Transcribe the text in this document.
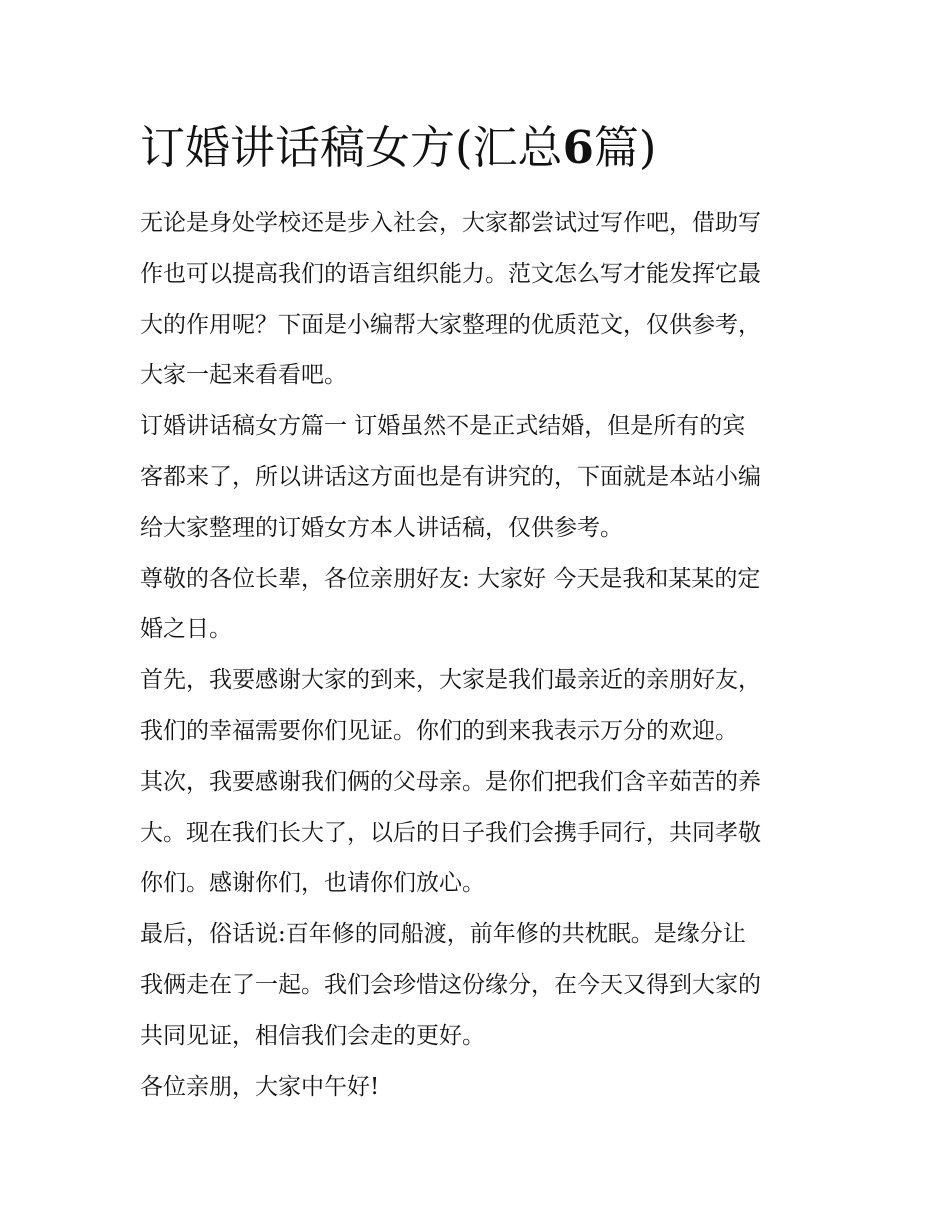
订婚讲话稿女方(汇总6篇)

无论是身处学校还是步入社会，大家都尝试过写作吧，借助写
作也可以提高我们的语言组织能力。范文怎么写才能发挥它最
大的作用呢？下面是小编帮大家整理的优质范文，仅供参考，
大家一起来看看吧。

订婚讲话稿女方篇一 订婚虽然不是正式结婚，但是所有的宾
客都来了，所以讲话这方面也是有讲究的，下面就是本站小编
给大家整理的订婚女方本人讲话稿，仅供参考。

尊敬的各位长辈，各位亲朋好友: 大家好 今天是我和某某的定
婚之日。

首先，我要感谢大家的到来，大家是我们最亲近的亲朋好友，
我们的幸福需要你们见证。你们的到来我表示万分的欢迎。

其次，我要感谢我们俩的父母亲。是你们把我们含辛茹苦的养
大。现在我们长大了，以后的日子我们会携手同行，共同孝敬
你们。感谢你们，也请你们放心。

最后，俗话说:百年修的同船渡，前年修的共枕眠。是缘分让
我俩走在了一起。我们会珍惜这份缘分，在今天又得到大家的
共同见证，相信我们会走的更好。

各位亲朋，大家中午好!
